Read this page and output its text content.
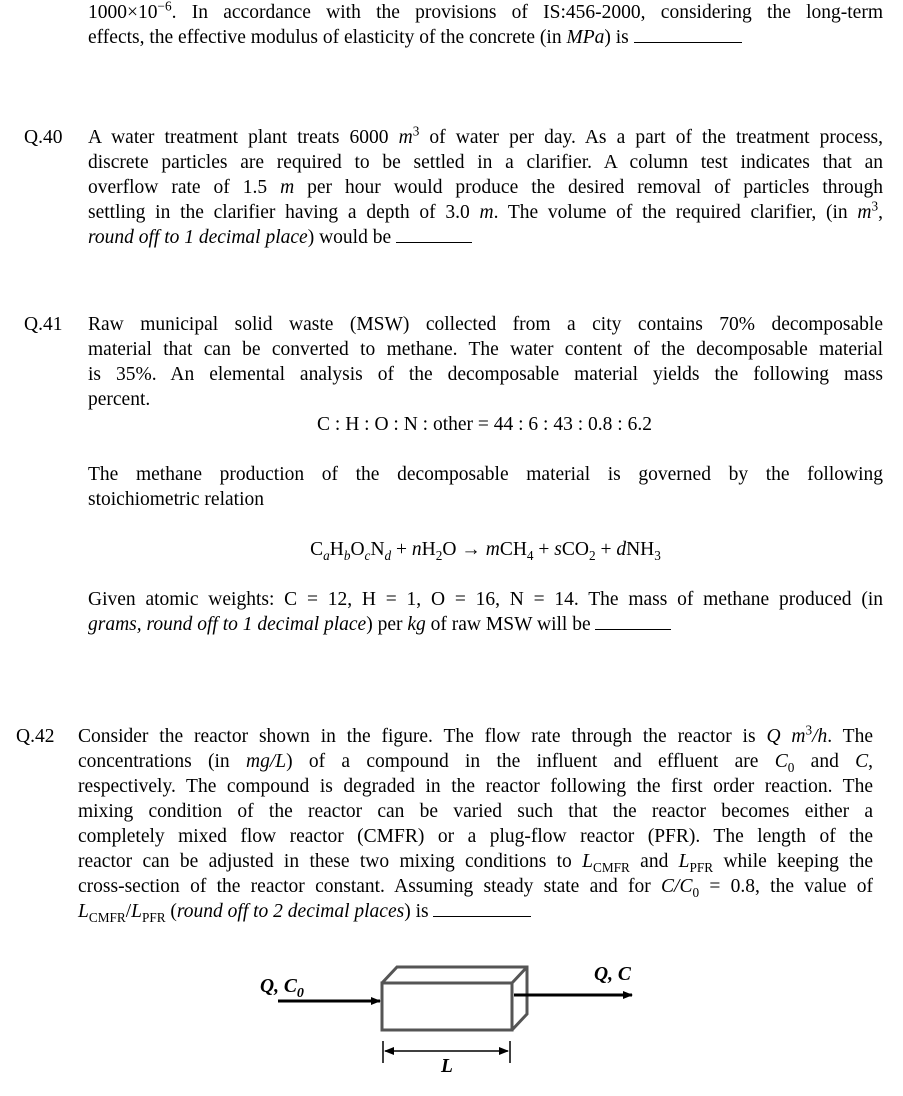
$1000\times 10^{-6}$. In accordance with the provisions of IS:456-2000, considering the long-term
effects, the effective modulus of elasticity of the concrete (in MPa) is
Q.40 A water treatment plant treats 6000 $m^3$ of water per day. As a part of the treatment process,
discrete particles are required to be settled in a clarifier. A column test indicates that an
overflow rate of 1.5 m per hour would produce the desired removal of particles through
settling in the clarifier having a depth of 3.0 m. The volume of the required clarifier, (in $m^3$,
round off to 1 decimal place) would be
Q.41 Raw municipal solid waste (MSW) collected from a city contains 70% decomposable
material that can be converted to methane. The water content of the decomposable material
is 35%. An elemental analysis of the decomposable material yields the following mass
percent.
C : H : O : N : other = 44 : 6 : 43 : 0.8 : 6.2
The methane production of the decomposable material is governed by the following
stoichiometric relation
$C_aH_bO_cN_d + nH_2O \to mCH_4 + sCO_2 + dNH_3$
Given atomic weights: C = 12, H = 1, O = 16, N = 14. The mass of methane produced (in
grams, round off to 1 decimal place) per kg of raw MSW will be
Q.42 Consider the reactor shown in the figure. The flow rate through the reactor is Q $m^3/h$. The
concentrations (in mg/L) of a compound in the influent and effluent are $C_0$ and C,
respectively. The compound is degraded in the reactor following the first order reaction. The
mixing condition of the reactor can be varied such that the reactor becomes either a
completely mixed flow reactor (CMFR) or a plug-flow reactor (PFR). The length of the
reactor can be adjusted in these two mixing conditions to $L_{CMFR}$ and $L_{PFR}$ while keeping the
cross-section of the reactor constant. Assuming steady state and for $C/C_0 = 0.8$, the value of
$L_{CMFR}/L_{PFR}$ (round off to 2 decimal places) is
Q, $C_0$
Q, C
L
